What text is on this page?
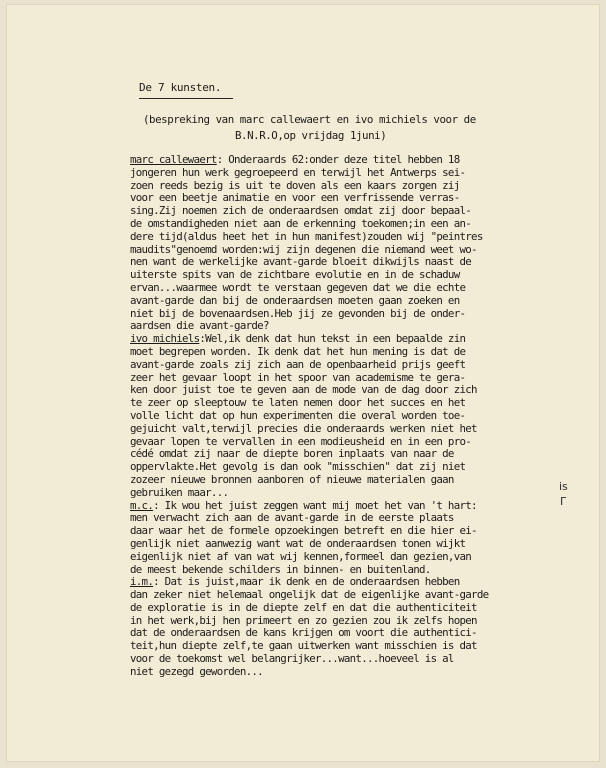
De 7 kunsten.
(bespreking van marc callewaert en ivo michiels voor de
B.N.R.O,op vrijdag 1juni)
marc callewaert: Onderaards 62:onder deze titel hebben 18
jongeren hun werk gegroepeerd en terwijl het Antwerps sei-
zoen reeds bezig is uit te doven als een kaars zorgen zij
voor een beetje animatie en voor een verfrissende verras-
sing.Zij noemen zich de onderaardsen omdat zij door bepaal-
de omstandigheden niet aan de erkenning toekomen;in een an-
dere tijd(aldus heet het in hun manifest)zouden wij "peintres
maudits"genoemd worden:wij zijn degenen die niemand weet wo-
nen want de werkelijke avant-garde bloeit dikwijls naast de
uiterste spits van de zichtbare evolutie en in de schaduw
ervan...waarmee wordt te verstaan gegeven dat we die echte
avant-garde dan bij de onderaardsen moeten gaan zoeken en
niet bij de bovenaardsen.Heb jij ze gevonden bij de onder-
aardsen die avant-garde?
ivo michiels:Wel,ik denk dat hun tekst in een bepaalde zin
moet begrepen worden. Ik denk dat het hun mening is dat de
avant-garde zoals zij zich aan de openbaarheid prijs geeft
zeer het gevaar loopt in het spoor van academisme te gera-
ken door juist toe te geven aan de mode van de dag door zich
te zeer op sleeptouw te laten nemen door het succes en het
volle licht dat op hun experimenten die overal worden toe-
gejuicht valt,terwijl precies die onderaards werken niet het
gevaar lopen te vervallen in een modieusheid en in een pro-
cédé omdat zij naar de diepte boren inplaats van naar de
oppervlakte.Het gevolg is dan ook "misschien" dat zij niet
zozeer nieuwe bronnen aanboren of nieuwe materialen gaan
gebruiken maar...
m.c.: Ik wou het juist zeggen want mij moet het van 't hart:
men verwacht zich aan de avant-garde in de eerste plaats
daar waar het de formele opzoekingen betreft en die hier ei-
genlijk niet aanwezig want wat de onderaardsen tonen wijkt
eigenlijk niet af van wat wij kennen,formeel dan gezien,van
de meest bekende schilders in binnen- en buitenland.
i.m.: Dat is juist,maar ik denk en de onderaardsen hebben
dan zeker niet helemaal ongelijk dat de eigenlijke avant-garde
de exploratie is in de diepte zelf en dat die authenticiteit
in het werk,bij hen primeert en zo gezien zou ik zelfs hopen
dat de onderaardsen de kans krijgen om voort die authentici-
teit,hun diepte zelf,te gaan uitwerken want misschien is dat
voor de toekomst wel belangrijker...want...hoeveel is al
niet gezegd geworden...
is
Γ
